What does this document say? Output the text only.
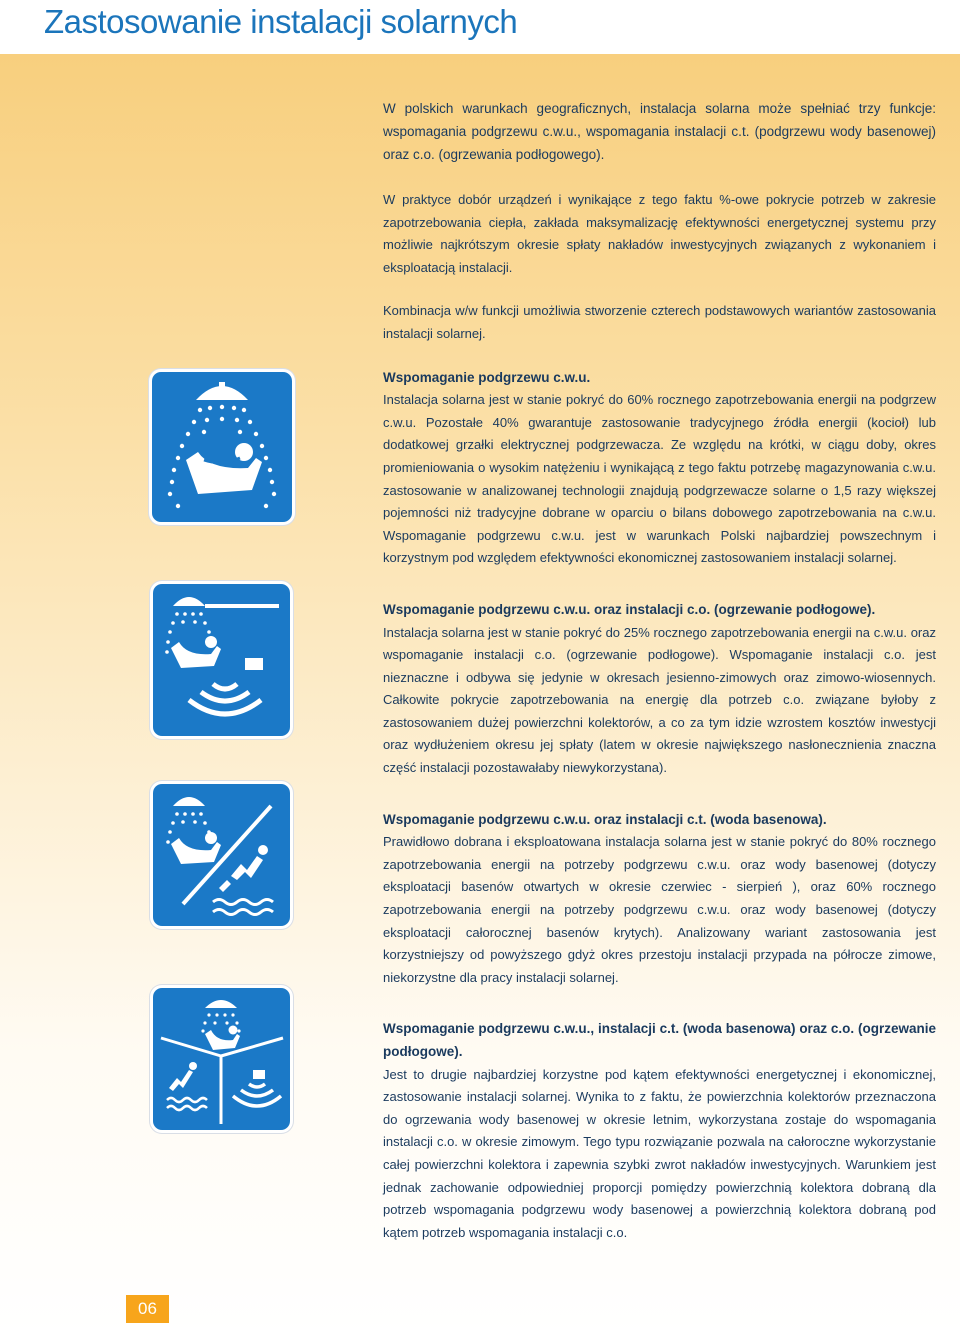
Zastosowanie instalacji solarnych

W polskich warunkach geograficznych, instalacja solarna może spełniać trzy funkcje: wspomagania podgrzewu c.w.u., wspomagania instalacji c.t. (podgrzewu wody basenowej) oraz c.o. (ogrzewania podłogowego).

W praktyce dobór urządzeń i wynikające z tego faktu %-owe pokrycie potrzeb w zakresie zapotrzebowania ciepła, zakłada maksymalizację efektywności energetycznej systemu przy możliwie najkrótszym okresie spłaty nakładów inwestycyjnych związanych z wykonaniem i eksploatacją instalacji.

Kombinacja w/w funkcji umożliwia stworzenie czterech podstawowych wariantów zastosowania instalacji solarnej.

Wspomaganie podgrzewu c.w.u.

Instalacja solarna jest w stanie pokryć do 60% rocznego zapotrzebowania energii na podgrzew c.w.u. Pozostałe 40% gwarantuje zastosowanie tradycyjnego źródła energii (kocioł) lub dodatkowej grzałki elektrycznej podgrzewacza. Ze względu na krótki, w ciągu doby, okres promieniowania o wysokim natężeniu i wynikającą z tego faktu potrzebę magazynowania c.w.u. zastosowanie w analizowanej technologii znajdują podgrzewacze solarne o 1,5 razy większej pojemności niż tradycyjne dobrane w oparciu o bilans dobowego zapotrzebowania na c.w.u. Wspomaganie podgrzewu c.w.u. jest w warunkach Polski najbardziej powszechnym i korzystnym pod względem efektywności ekonomicznej zastosowaniem instalacji solarnej.

Wspomaganie podgrzewu c.w.u. oraz instalacji c.o. (ogrzewanie podłogowe).

Instalacja solarna jest w stanie pokryć do 25% rocznego zapotrzebowania energii na c.w.u. oraz wspomaganie instalacji c.o. (ogrzewanie podłogowe). Wspomaganie instalacji c.o. jest nieznaczne i odbywa się jedynie w okresach jesienno-zimowych oraz zimowo-wiosennych. Całkowite pokrycie zapotrzebowania na energię dla potrzeb c.o. związane byłoby z zastosowaniem dużej powierzchni kolektorów, a co za tym idzie wzrostem kosztów inwestycji oraz wydłużeniem okresu jej spłaty (latem w okresie największego nasłonecznienia znaczna część instalacji pozostawałaby niewykorzystana).

Wspomaganie podgrzewu c.w.u. oraz instalacji c.t. (woda basenowa).

Prawidłowo dobrana i eksploatowana instalacja solarna jest w stanie pokryć do 80% rocznego zapotrzebowania energii na potrzeby podgrzewu c.w.u. oraz wody basenowej (dotyczy eksploatacji basenów otwartych w okresie czerwiec - sierpień ), oraz 60% rocznego zapotrzebowania energii na potrzeby podgrzewu c.w.u. oraz wody basenowej (dotyczy eksploatacji całorocznej basenów krytych). Analizowany wariant zastosowania jest korzystniejszy od powyższego gdyż okres przestoju instalacji przypada na półrocze zimowe, niekorzystne dla pracy instalacji solarnej.

Wspomaganie podgrzewu c.w.u., instalacji c.t. (woda basenowa) oraz c.o. (ogrzewanie podłogowe).

Jest to drugie najbardziej korzystne pod kątem efektywności energetycznej i ekonomicznej, zastosowanie instalacji solarnej. Wynika to z faktu, że powierzchnia kolektorów przeznaczona do ogrzewania wody basenowej w okresie letnim, wykorzystana zostaje do wspomagania instalacji c.o. w okresie zimowym. Tego typu rozwiązanie pozwala na całoroczne wykorzystanie całej powierzchni kolektora i zapewnia szybki zwrot nakładów inwestycyjnych. Warunkiem jest jednak zachowanie odpowiedniej proporcji pomiędzy powierzchnią kolektora dobraną dla potrzeb wspomagania podgrzewu wody basenowej a powierzchnią kolektora dobraną pod kątem potrzeb wspomagania instalacji c.o.

06
